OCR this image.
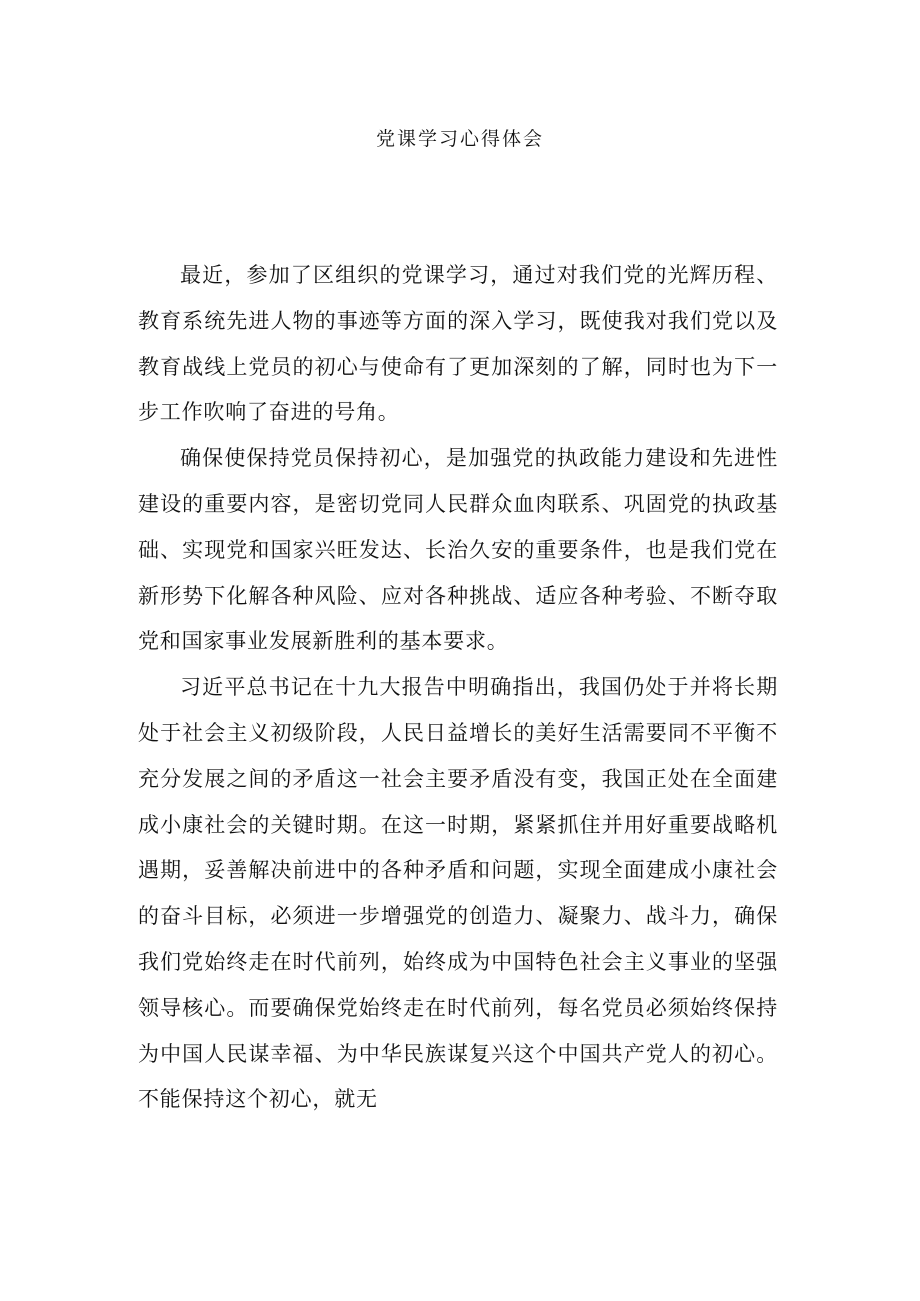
党课学习心得体会

最近，参加了区组织的党课学习，通过对我们党的光辉历程、教育系统先进人物的事迹等方面的深入学习，既使我对我们党以及教育战线上党员的初心与使命有了更加深刻的了解，同时也为下一步工作吹响了奋进的号角。

确保使保持党员保持初心，是加强党的执政能力建设和先进性建设的重要内容，是密切党同人民群众血肉联系、巩固党的执政基础、实现党和国家兴旺发达、长治久安的重要条件，也是我们党在新形势下化解各种风险、应对各种挑战、适应各种考验、不断夺取党和国家事业发展新胜利的基本要求。

习近平总书记在十九大报告中明确指出，我国仍处于并将长期处于社会主义初级阶段，人民日益增长的美好生活需要同不平衡不充分发展之间的矛盾这一社会主要矛盾没有变，我国正处在全面建成小康社会的关键时期。在这一时期，紧紧抓住并用好重要战略机遇期，妥善解决前进中的各种矛盾和问题，实现全面建成小康社会的奋斗目标，必须进一步增强党的创造力、凝聚力、战斗力，确保我们党始终走在时代前列，始终成为中国特色社会主义事业的坚强领导核心。而要确保党始终走在时代前列，每名党员必须始终保持为中国人民谋幸福、为中华民族谋复兴这个中国共产党人的初心。不能保持这个初心，就无
